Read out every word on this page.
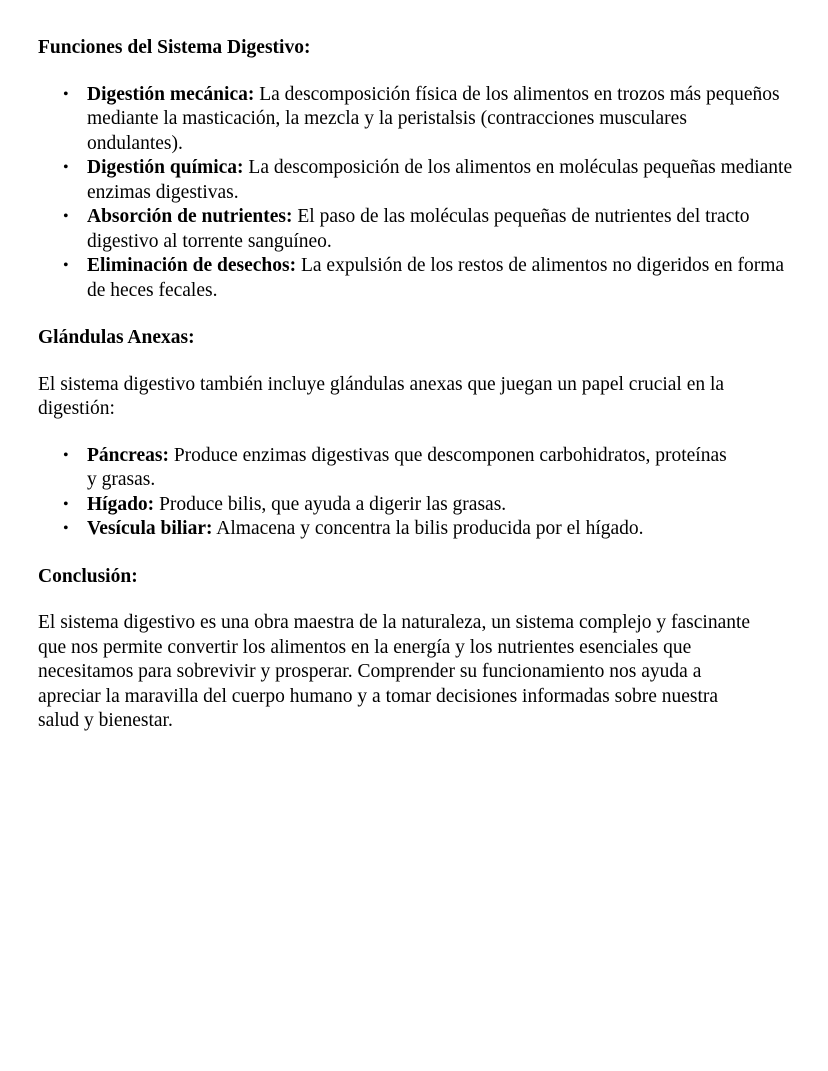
Funciones del Sistema Digestivo:
• Digestión mecánica: La descomposición física de los alimentos en trozos más pequeños mediante la masticación, la mezcla y la peristalsis (contracciones musculares ondulantes).
• Digestión química: La descomposición de los alimentos en moléculas pequeñas mediante enzimas digestivas.
• Absorción de nutrientes: El paso de las moléculas pequeñas de nutrientes del tracto digestivo al torrente sanguíneo.
• Eliminación de desechos: La expulsión de los restos de alimentos no digeridos en forma de heces fecales.
Glándulas Anexas:

El sistema digestivo también incluye glándulas anexas que juegan un papel crucial en la digestión:

• Páncreas: Produce enzimas digestivas que descomponen carbohidratos, proteínas y grasas.
• Hígado: Produce bilis, que ayuda a digerir las grasas.
• Vesícula biliar: Almacena y concentra la bilis producida por el hígado.
Conclusión:

El sistema digestivo es una obra maestra de la naturaleza, un sistema complejo y fascinante que nos permite convertir los alimentos en la energía y los nutrientes esenciales que necesitamos para sobrevivir y prosperar. Comprender su funcionamiento nos ayuda a apreciar la maravilla del cuerpo humano y a tomar decisiones informadas sobre nuestra salud y bienestar.
